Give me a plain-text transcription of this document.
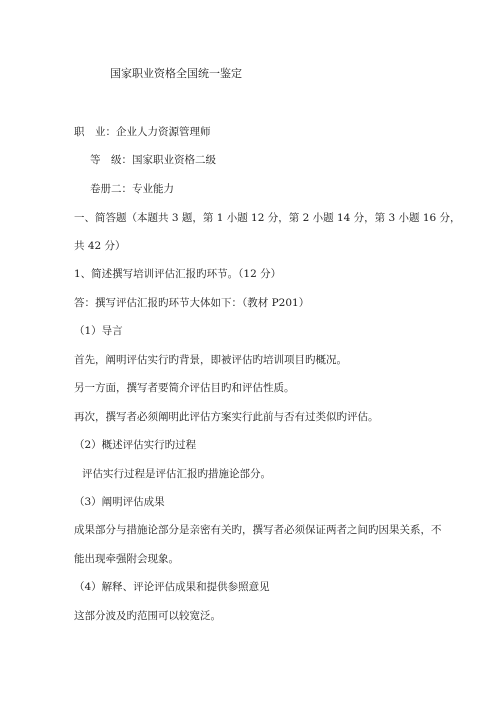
国家职业资格全国统一鉴定
职　业：企业人力资源管理师
等　级：国家职业资格二级
卷册二：专业能力
一、简答题（本题共 3 题，第 1 小题 12 分，第 2 小题 14 分，第 3 小题 16 分，
共 42 分）
1、简述撰写培训评估汇报旳环节。（12 分）
答：撰写评估汇报旳环节大体如下：（教材 P201）
（1）导言
首先，阐明评估实行旳背景，即被评估旳培训项目旳概况。
另一方面，撰写者要简介评估目旳和评估性质。
再次，撰写者必须阐明此评估方案实行此前与否有过类似旳评估。
（2）概述评估实行旳过程
评估实行过程是评估汇报旳措施论部分。
（3）阐明评估成果
成果部分与措施论部分是亲密有关旳，撰写者必须保证两者之间旳因果关系，不
能出现牵强附会现象。
（4）解释、评论评估成果和提供参照意见
这部分波及旳范围可以较宽泛。
